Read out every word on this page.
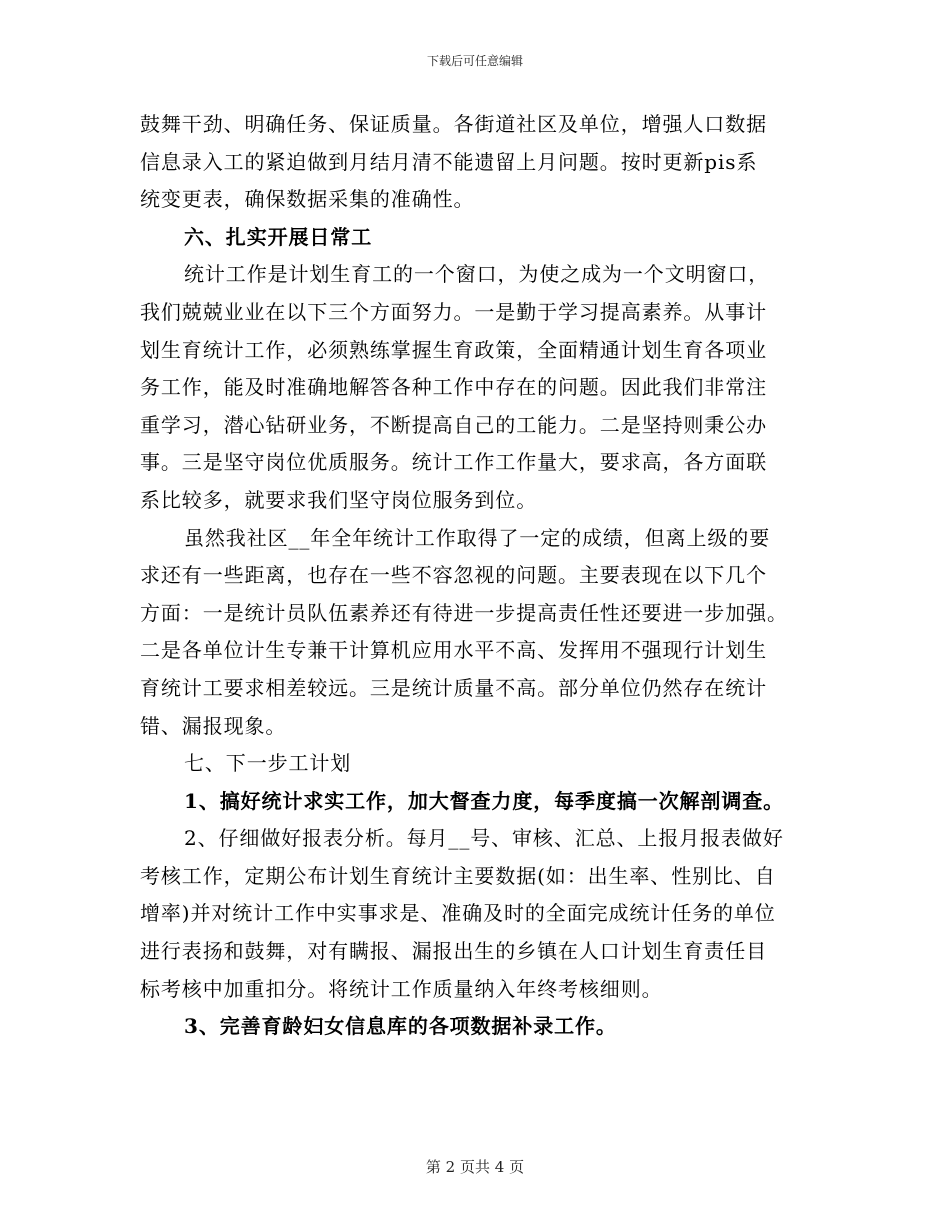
下载后可任意编辑
鼓舞干劲、明确任务、保证质量。各街道社区及单位，增强人口数据
信息录入工的紧迫做到月结月清不能遗留上月问题。按时更新pis系
统变更表，确保数据采集的准确性。
六、扎实开展日常工
统计工作是计划生育工的一个窗口，为使之成为一个文明窗口，
我们兢兢业业在以下三个方面努力。一是勤于学习提高素养。从事计
划生育统计工作，必须熟练掌握生育政策，全面精通计划生育各项业
务工作，能及时准确地解答各种工作中存在的问题。因此我们非常注
重学习，潜心钻研业务，不断提高自己的工能力。二是坚持则秉公办
事。三是坚守岗位优质服务。统计工作工作量大，要求高，各方面联
系比较多，就要求我们坚守岗位服务到位。
虽然我社区__年全年统计工作取得了一定的成绩，但离上级的要
求还有一些距离，也存在一些不容忽视的问题。主要表现在以下几个
方面：一是统计员队伍素养还有待进一步提高责任性还要进一步加强。
二是各单位计生专兼干计算机应用水平不高、发挥用不强现行计划生
育统计工要求相差较远。三是统计质量不高。部分单位仍然存在统计
错、漏报现象。
七、下一步工计划
1、搞好统计求实工作，加大督查力度，每季度搞一次解剖调查。
2、仔细做好报表分析。每月__号、审核、汇总、上报月报表做好
考核工作，定期公布计划生育统计主要数据(如：出生率、性别比、自
增率)并对统计工作中实事求是、准确及时的全面完成统计任务的单位
进行表扬和鼓舞，对有瞒报、漏报出生的乡镇在人口计划生育责任目
标考核中加重扣分。将统计工作质量纳入年终考核细则。
3、完善育龄妇女信息库的各项数据补录工作。
第 2 页共 4 页
